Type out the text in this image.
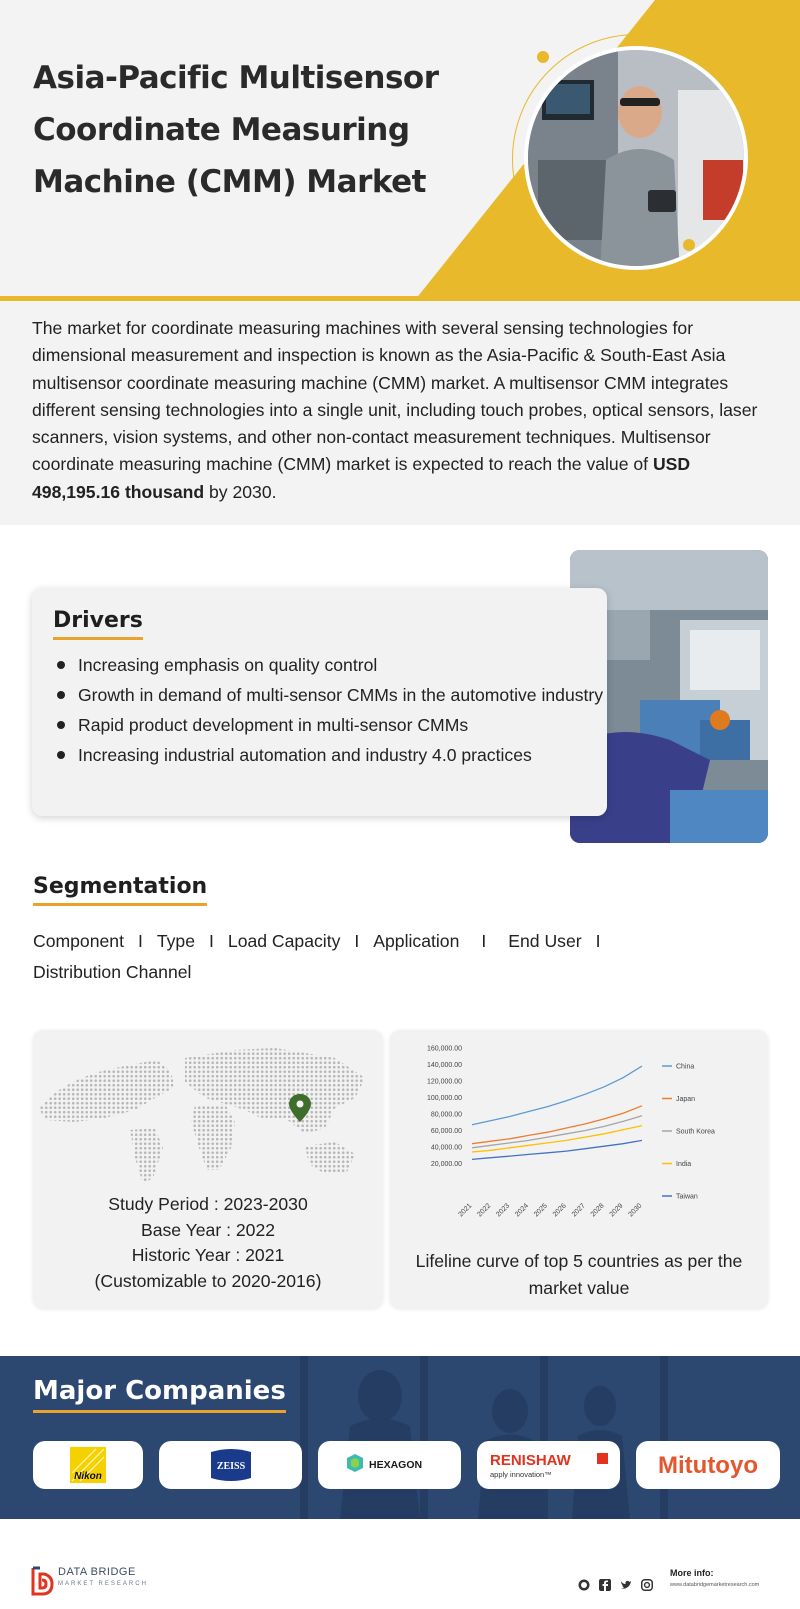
Asia-Pacific Multisensor Coordinate Measuring Machine (CMM) Market

The market for coordinate measuring machines with several sensing technologies for dimensional measurement and inspection is known as the Asia-Pacific & South-East Asia multisensor coordinate measuring machine (CMM) market. A multisensor CMM integrates different sensing technologies into a single unit, including touch probes, optical sensors, laser scanners, vision systems, and other non-contact measurement techniques. Multisensor coordinate measuring machine (CMM) market is expected to reach the value of USD 498,195.16 thousand by 2030.

Drivers
Increasing emphasis on quality control
Growth in demand of multi-sensor CMMs in the automotive industry
Rapid product development in multi-sensor CMMs
Increasing industrial automation and industry 4.0 practices
Segmentation
Component I Type I Load Capacity I Application I End User I
Distribution Channel
Study Period : 2023-2030
Base Year : 2022
Historic Year : 2021
(Customizable to 2020-2016)
20,000.00
40,000.00
60,000.00
80,000.00
100,000.00
120,000.00
140,000.00
160,000.00
2021 2022 2023 2024 2025 2026 2027 2028 2029 2030
China
Japan
South Korea
India
Taiwan
Lifeline curve of top 5 countries as per the market value
Major Companies
Nikon
ZEISS	HEXAGON	RENISHAW
apply innovation™	Mitutoyo
DATA BRIDGE
MARKET RESEARCH
More info:
www.databridgemarketresearch.com
